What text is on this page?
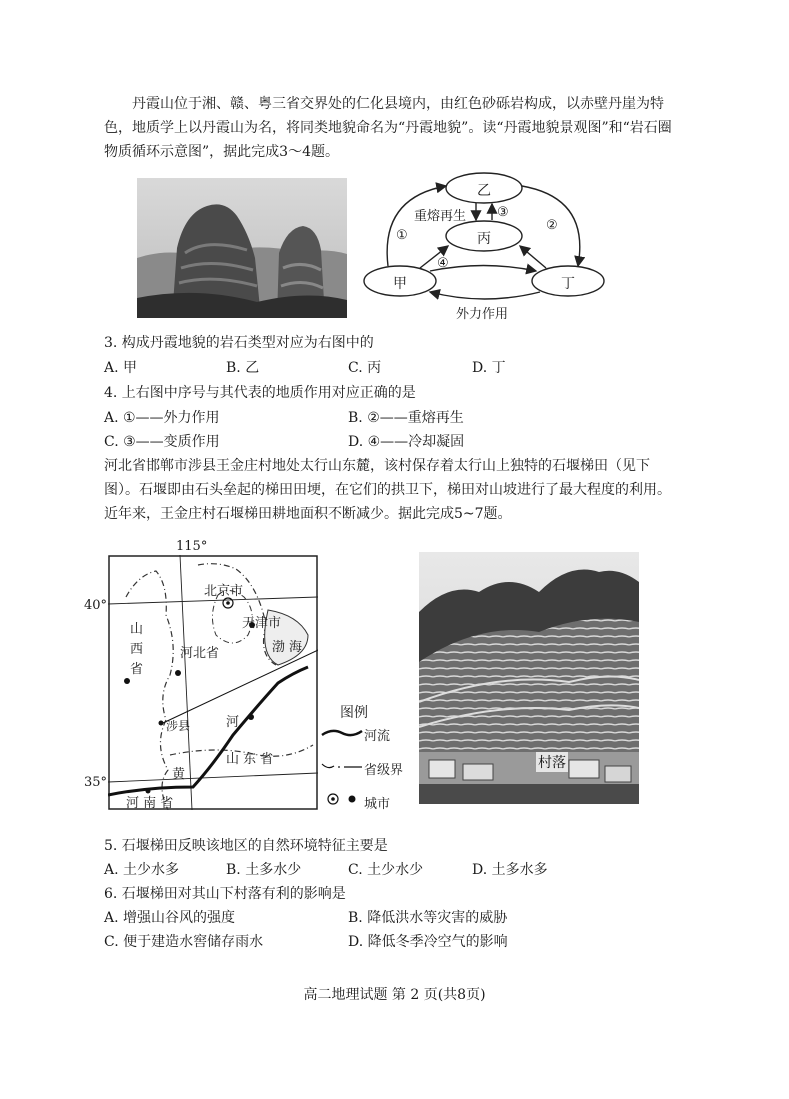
丹霞山位于湘、赣、粤三省交界处的仁化县境内，由红色砂砾岩构成，以赤壁丹崖为特色，地质学上以丹霞山为名，将同类地貌命名为“丹霞地貌”。读“丹霞地貌景观图”和“岩石圈物质循环示意图”，据此完成3～4题。
乙
丙
甲	丁
重熔再生
①
②
③
④
外力作用
3. 构成丹霞地貌的岩石类型对应为右图中的
A. 甲	B. 乙	C. 丙	D. 丁
4. 上右图中序号与其代表的地质作用对应正确的是
A. ①——外力作用	B. ②——重熔再生
C. ③——变质作用	D. ④——冷却凝固
河北省邯郸市涉县王金庄村地处太行山东麓，该村保存着太行山上独特的石堰梯田（见下图）。石堰即由石头垒起的梯田田埂，在它们的拱卫下，梯田对山坡进行了最大程度的利用。近年来，王金庄村石堰梯田耕地面积不断减少。据此完成5~7题。
115°
40°
35°
北京市
天津市
渤 海
山
西
省
河北省
涉县	河
黄
山 东 省
河 南 省
图例
河流
省级界
城市
村落
5. 石堰梯田反映该地区的自然环境特征主要是
A. 土少水多	B. 土多水少	C. 土少水少	D. 土多水多
6. 石堰梯田对其山下村落有利的影响是
A. 增强山谷风的强度	B. 降低洪水等灾害的威胁
C. 便于建造水窖储存雨水	D. 降低冬季冷空气的影响
高二地理试题 第 2 页(共8页)
